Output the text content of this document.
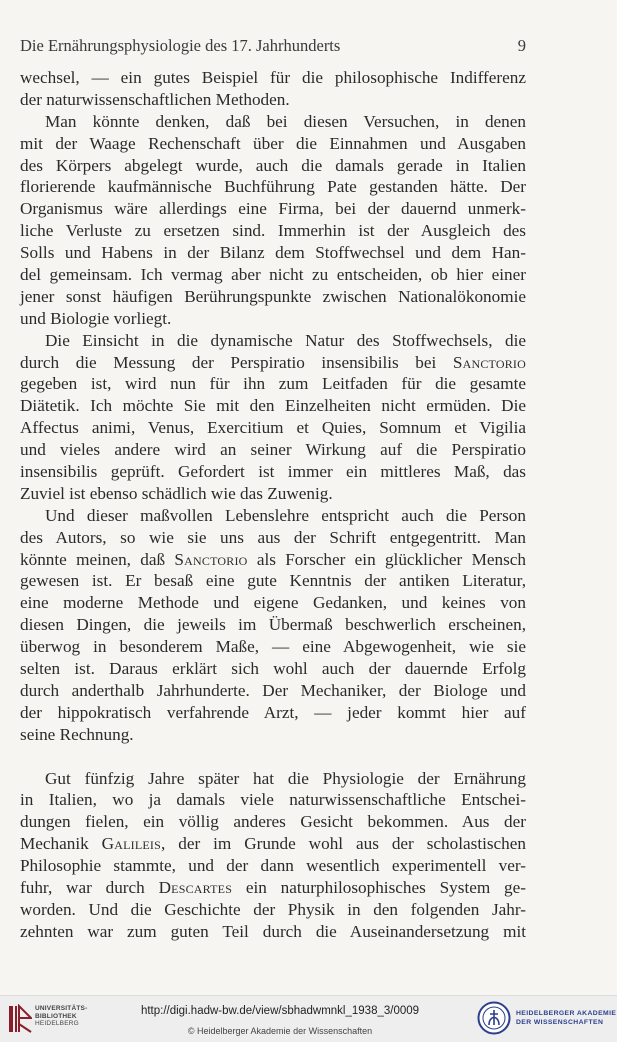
Die Ernährungsphysiologie des 17. Jahrhunderts	9
wechsel, — ein gutes Beispiel für die philosophische Indifferenz
der naturwissenschaftlichen Methoden.
Man könnte denken, daß bei diesen Versuchen, in denen
mit der Waage Rechenschaft über die Einnahmen und Ausgaben
des Körpers abgelegt wurde, auch die damals gerade in Italien
florierende kaufmännische Buchführung Pate gestanden hätte. Der
Organismus wäre allerdings eine Firma, bei der dauernd unmerk-
liche Verluste zu ersetzen sind. Immerhin ist der Ausgleich des
Solls und Habens in der Bilanz dem Stoffwechsel und dem Han-
del gemeinsam. Ich vermag aber nicht zu entscheiden, ob hier einer
jener sonst häufigen Berührungspunkte zwischen Nationalökonomie
und Biologie vorliegt.
Die Einsicht in die dynamische Natur des Stoffwechsels, die
durch die Messung der Perspiratio insensibilis bei Sanctorio
gegeben ist, wird nun für ihn zum Leitfaden für die gesamte
Diätetik. Ich möchte Sie mit den Einzelheiten nicht ermüden. Die
Affectus animi, Venus, Exercitium et Quies, Somnum et Vigilia
und vieles andere wird an seiner Wirkung auf die Perspiratio
insensibilis geprüft. Gefordert ist immer ein mittleres Maß, das
Zuviel ist ebenso schädlich wie das Zuwenig.
Und dieser maßvollen Lebenslehre entspricht auch die Person
des Autors, so wie sie uns aus der Schrift entgegentritt. Man
könnte meinen, daß Sanctorio als Forscher ein glücklicher Mensch
gewesen ist. Er besaß eine gute Kenntnis der antiken Literatur,
eine moderne Methode und eigene Gedanken, und keines von
diesen Dingen, die jeweils im Übermaß beschwerlich erscheinen,
überwog in besonderem Maße, — eine Abgewogenheit, wie sie
selten ist. Daraus erklärt sich wohl auch der dauernde Erfolg
durch anderthalb Jahrhunderte. Der Mechaniker, der Biologe und
der hippokratisch verfahrende Arzt, — jeder kommt hier auf
seine Rechnung.
Gut fünfzig Jahre später hat die Physiologie der Ernährung
in Italien, wo ja damals viele naturwissenschaftliche Entschei-
dungen fielen, ein völlig anderes Gesicht bekommen. Aus der
Mechanik Galileis, der im Grunde wohl aus der scholastischen
Philosophie stammte, und der dann wesentlich experimentell ver-
fuhr, war durch Descartes ein naturphilosophisches System ge-
worden. Und die Geschichte der Physik in den folgenden Jahr-
zehnten war zum guten Teil durch die Auseinandersetzung mit
UNIVERSITÄTS-
BIBLIOTHEK
HEIDELBERG
http://digi.hadw-bw.de/view/sbhadwmnkl_1938_3/0009
© Heidelberger Akademie der Wissenschaften
HEIDELBERGER AKADEMIE
DER WISSENSCHAFTEN
